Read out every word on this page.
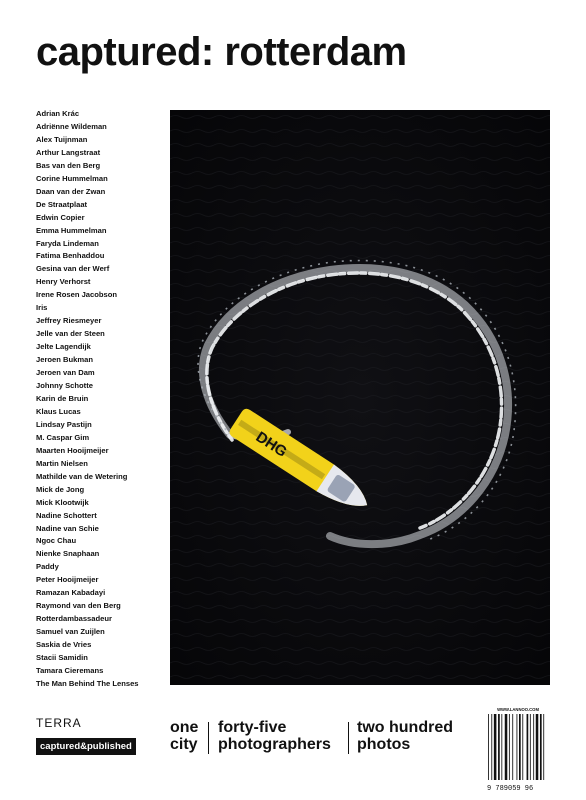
captured: rotterdam
Adrian Krác
Adriënne Wildeman
Alex Tuijnman
Arthur Langstraat
Bas van den Berg
Corine Hummelman
Daan van der Zwan
De Straatplaat
Edwin Copier
Emma Hummelman
Faryda Lindeman
Fatima Benhaddou
Gesina van der Werf
Henry Verhorst
Irene Rosen Jacobson
Iris
Jeffrey Riesmeyer
Jelle van der Steen
Jelte Lagendijk
Jeroen Bukman
Jeroen van Dam
Johnny Schotte
Karin de Bruin
Klaus Lucas
Lindsay Pastijn
M. Caspar Gim
Maarten Hooijmeijer
Martin Nielsen
Mathilde van de Wetering
Mick de Jong
Mick Klootwijk
Nadine Schottert
Nadine van Schie
Ngoc Chau
Nienke Snaphaan
Paddy
Peter Hooijmeijer
Ramazan Kabadayi
Raymond van den Berg
Rotterdambassadeur
Samuel van Zuijlen
Saskia de Vries
Stacii Samidin
Tamara Cieremans
The Man Behind The Lenses
DHG
TERRA
captured&published
one
city
forty-five
photographers
two hundred
photos
WWW.LANNOO.COM
9 789059 96
